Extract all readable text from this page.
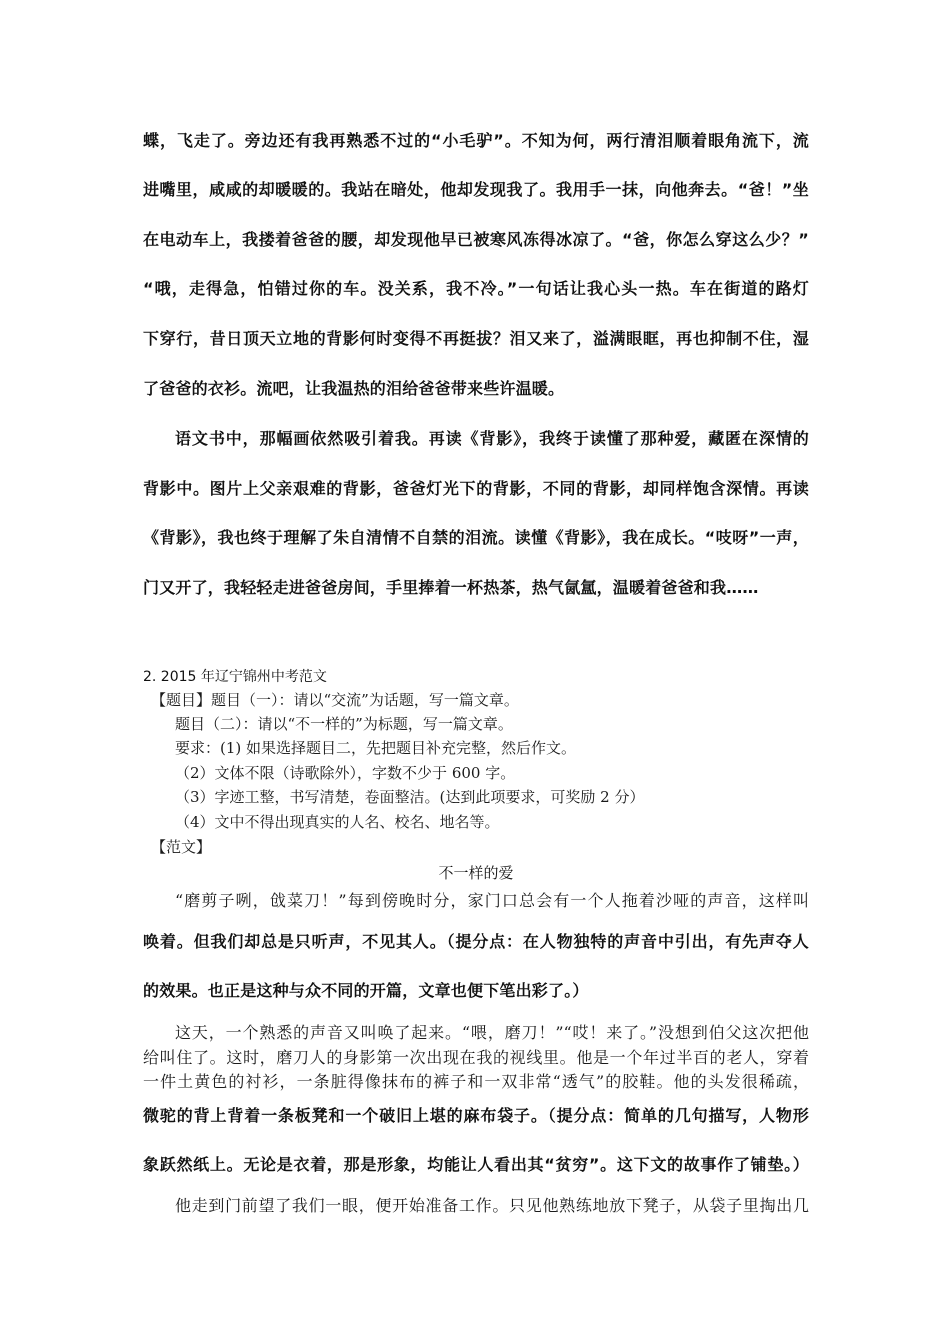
蝶，飞走了。旁边还有我再熟悉不过的“小毛驴”。不知为何，两行清泪顺着眼角流下，流
进嘴里，咸咸的却暖暖的。我站在暗处，他却发现我了。我用手一抹，向他奔去。“爸！”坐
在电动车上，我搂着爸爸的腰，却发现他早已被寒风冻得冰凉了。“爸，你怎么穿这么少？”
“哦，走得急，怕错过你的车。没关系，我不冷。”一句话让我心头一热。车在街道的路灯
下穿行，昔日顶天立地的背影何时变得不再挺拔？泪又来了，溢满眼眶，再也抑制不住，湿
了爸爸的衣衫。流吧，让我温热的泪给爸爸带来些许温暖。
语文书中，那幅画依然吸引着我。再读《背影》，我终于读懂了那种爱，藏匿在深情的
背影中。图片上父亲艰难的背影，爸爸灯光下的背影，不同的背影，却同样饱含深情。再读
《背影》，我也终于理解了朱自清情不自禁的泪流。读懂《背影》，我在成长。“吱呀”一声，
门又开了，我轻轻走进爸爸房间，手里捧着一杯热茶，热气氤氲，温暖着爸爸和我……
2. 2015 年辽宁锦州中考范文
【题目】题目（一）：请以“交流”为话题，写一篇文章。
题目（二）：请以“不一样的”为标题，写一篇文章。
要求：(1) 如果选择题目二，先把题目补充完整，然后作文。
（2）文体不限（诗歌除外），字数不少于 600 字。
（3）字迹工整，书写清楚，卷面整洁。(达到此项要求，可奖励 2 分）
（4）文中不得出现真实的人名、校名、地名等。
【范文】
不一样的爱
“磨剪子咧，戗菜刀！”每到傍晚时分，家门口总会有一个人拖着沙哑的声音，这样叫
唤着。但我们却总是只听声，不见其人。（提分点：在人物独特的声音中引出，有先声夺人
的效果。也正是这种与众不同的开篇，文章也便下笔出彩了。）
这天，一个熟悉的声音又叫唤了起来。“喂，磨刀！”“哎！来了。”没想到伯父这次把他
给叫住了。这时，磨刀人的身影第一次出现在我的视线里。他是一个年过半百的老人，穿着
一件土黄色的衬衫，一条脏得像抹布的裤子和一双非常“透气”的胶鞋。他的头发很稀疏，
微驼的背上背着一条板凳和一个破旧上堪的麻布袋子。（提分点：简单的几句描写，人物形
象跃然纸上。无论是衣着，那是形象，均能让人看出其“贫穷”。这下文的故事作了铺垫。）
他走到门前望了我们一眼，便开始准备工作。只见他熟练地放下凳子，从袋子里掏出几
